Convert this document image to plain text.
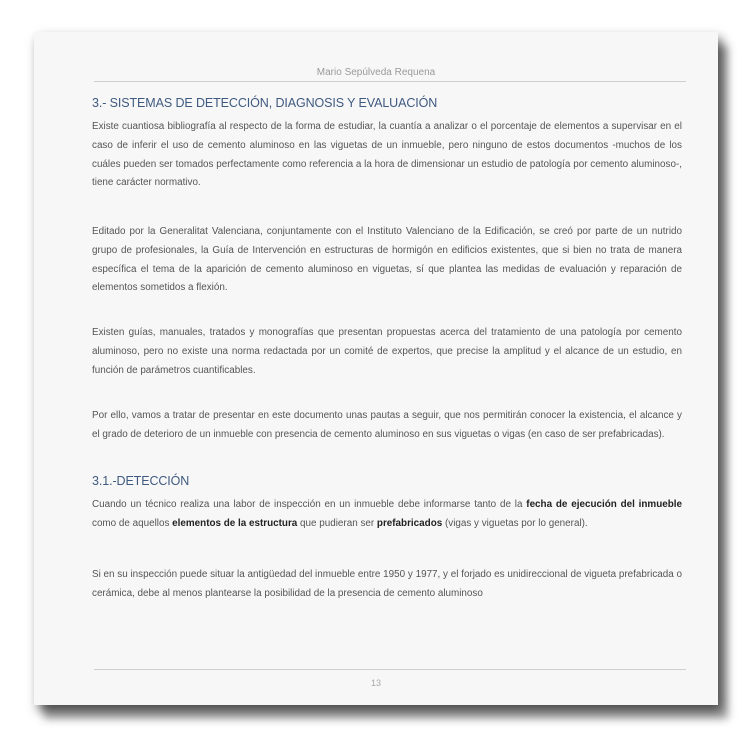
Mario Sepúlveda Requena
3.- SISTEMAS DE DETECCIÓN, DIAGNOSIS Y EVALUACIÓN

Existe cuantiosa bibliografía al respecto de la forma de estudiar, la cuantía a analizar o el porcentaje de elementos a supervisar en el caso de inferir el uso de cemento aluminoso en las viguetas de un inmueble, pero ninguno de estos documentos -muchos de los cuáles pueden ser tomados perfectamente como referencia a la hora de dimensionar un estudio de patología por cemento aluminoso-, tiene carácter normativo.

Editado por la Generalitat Valenciana, conjuntamente con el Instituto Valenciano de la Edificación, se creó por parte de un nutrido grupo de profesionales, la Guía de Intervención en estructuras de hormigón en edificios existentes, que si bien no trata de manera específica el tema de la aparición de cemento aluminoso en viguetas, sí que plantea las medidas de evaluación y reparación de elementos sometidos a flexión.

Existen guías, manuales, tratados y monografías que presentan propuestas acerca del tratamiento de una patología por cemento aluminoso, pero no existe una norma redactada por un comité de expertos, que precise la amplitud y el alcance de un estudio, en función de parámetros cuantificables.

Por ello, vamos a tratar de presentar en este documento unas pautas a seguir, que nos permitirán conocer la existencia, el alcance y el grado de deterioro de un inmueble con presencia de cemento aluminoso en sus viguetas o vigas (en caso de ser prefabricadas).

3.1.-DETECCIÓN

Cuando un técnico realiza una labor de inspección en un inmueble debe informarse tanto de la fecha de ejecución del inmueble como de aquellos elementos de la estructura que pudieran ser prefabricados (vigas y viguetas por lo general).

Si en su inspección puede situar la antigüedad del inmueble entre 1950 y 1977, y el forjado es unidireccional de vigueta prefabricada o cerámica, debe al menos plantearse la posibilidad de la presencia de cemento aluminoso

13
